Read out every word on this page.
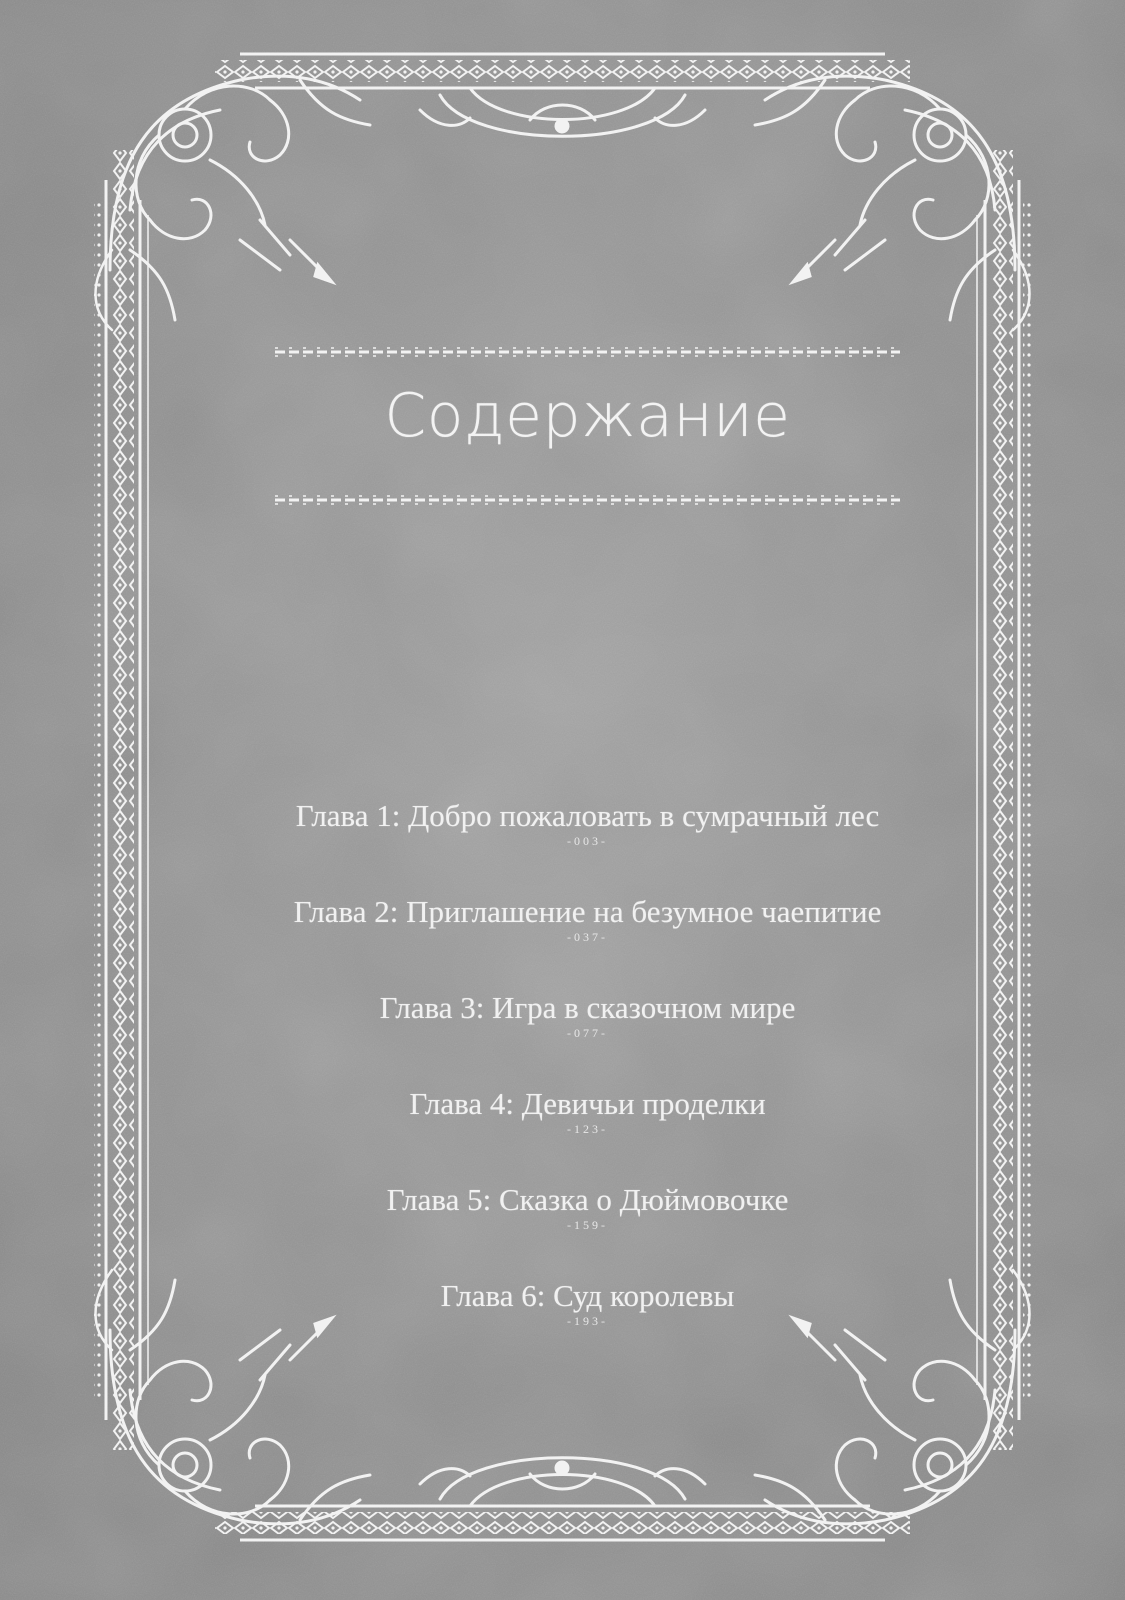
Содержание
Глава 1: Добро пожаловать в сумрачный лес
-003-
Глава 2: Приглашение на безумное чаепитие
-037-
Глава 3: Игра в сказочном мире
-077-
Глава 4: Девичьи проделки
-123-
Глава 5: Сказка о Дюймовочке
-159-
Глава 6: Суд королевы
-193-
